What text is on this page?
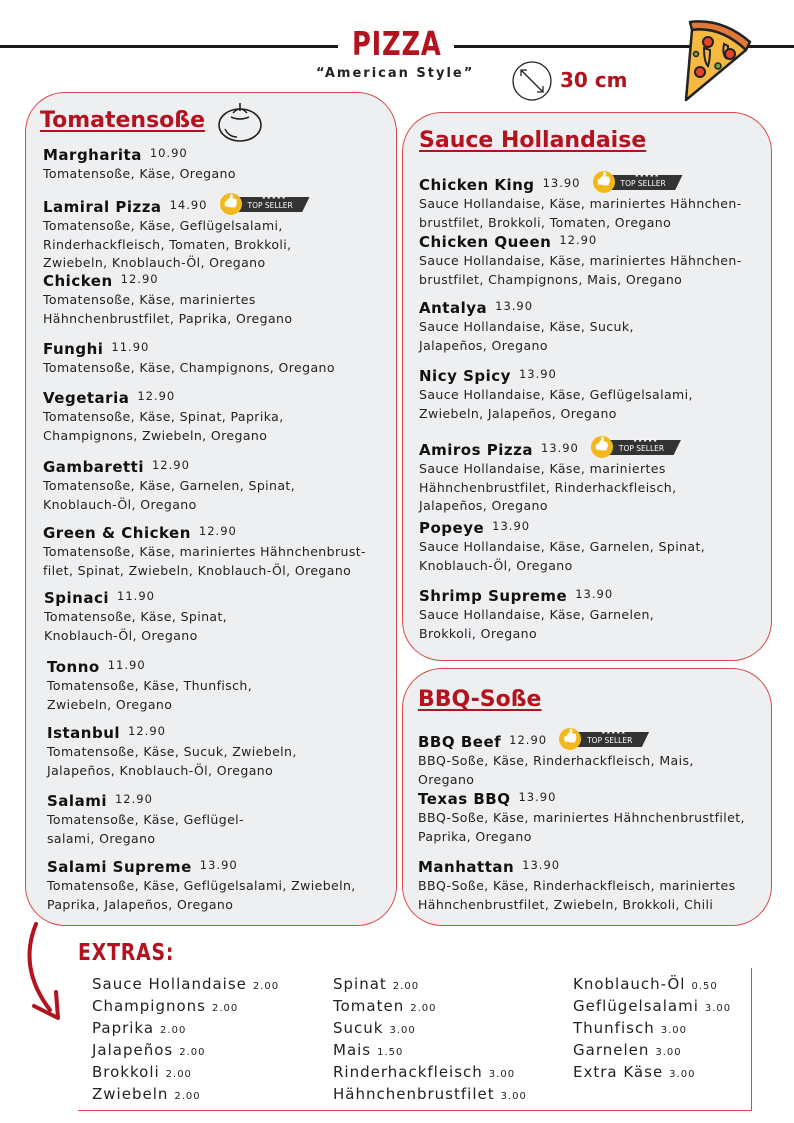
PIZZA
“American Style”	30 cm
Tomatensoße
Sauce Hollandaise
BBQ-Soße
Margharita 10.90
Tomatensoße, Käse, Oregano
Lamiral Pizza 14.90 👍	★★★★★
TOP SELLER
Tomatensoße, Käse, Geflügelsalami,
Rinderhackfleisch, Tomaten, Brokkoli,
Zwiebeln, Knoblauch-Öl, Oregano
Chicken 12.90
Tomatensoße, Käse, mariniertes
Hähnchenbrustfilet, Paprika, Oregano
Funghi 11.90
Tomatensoße, Käse, Champignons, Oregano
Vegetaria 12.90
Tomatensoße, Käse, Spinat, Paprika,
Champignons, Zwiebeln, Oregano
Gambaretti 12.90
Tomatensoße, Käse, Garnelen, Spinat,
Knoblauch-Öl, Oregano
Green & Chicken 12.90
Tomatensoße, Käse, mariniertes Hähnchenbrust-
filet, Spinat, Zwiebeln, Knoblauch-Öl, Oregano
Spinaci 11.90
Tomatensoße, Käse, Spinat,
Knoblauch-Öl, Oregano
Tonno 11.90
Tomatensoße, Käse, Thunfisch,
Zwiebeln, Oregano
Istanbul 12.90
Tomatensoße, Käse, Sucuk, Zwiebeln,
Jalapeños, Knoblauch-Öl, Oregano
Salami 12.90
Tomatensoße, Käse, Geflügel-
salami, Oregano
Salami Supreme 13.90
Tomatensoße, Käse, Geflügelsalami, Zwiebeln,
Paprika, Jalapeños, Oregano
Chicken King 13.90 👍	★★★★★
TOP SELLER
Sauce Hollandaise, Käse, mariniertes Hähnchen-
brustfilet, Brokkoli, Tomaten, Oregano
Chicken Queen 12.90
Sauce Hollandaise, Käse, mariniertes Hähnchen-
brustfilet, Champignons, Mais, Oregano
Antalya 13.90
Sauce Hollandaise, Käse, Sucuk,
Jalapeños, Oregano
Nicy Spicy 13.90
Sauce Hollandaise, Käse, Geflügelsalami,
Zwiebeln, Jalapeños, Oregano
Amiros Pizza 13.90 👍	★★★★★
TOP SELLER
Sauce Hollandaise, Käse, mariniertes
Hähnchenbrustfilet, Rinderhackfleisch,
Jalapeños, Oregano
Popeye 13.90
Sauce Hollandaise, Käse, Garnelen, Spinat,
Knoblauch-Öl, Oregano
Shrimp Supreme 13.90
Sauce Hollandaise, Käse, Garnelen,
Brokkoli, Oregano
BBQ Beef 12.90 👍	★★★★★
TOP SELLER
BBQ-Soße, Käse, Rinderhackfleisch, Mais,
Oregano
Texas BBQ 13.90
BBQ-Soße, Käse, mariniertes Hähnchenbrustfilet,
Paprika, Oregano
Manhattan 13.90
BBQ-Soße, Käse, Rinderhackfleisch, mariniertes
Hähnchenbrustfilet, Zwiebeln, Brokkoli, Chili
EXTRAS:
Sauce Hollandaise 2.00
Champignons 2.00
Paprika 2.00
Jalapeños 2.00
Brokkoli 2.00
Zwiebeln 2.00
Spinat 2.00
Tomaten 2.00
Sucuk 3.00
Mais 1.50
Rinderhackfleisch 3.00
Hähnchenbrustfilet 3.00
Knoblauch-Öl 0.50
Geflügelsalami 3.00
Thunfisch 3.00
Garnelen 3.00
Extra Käse 3.00
